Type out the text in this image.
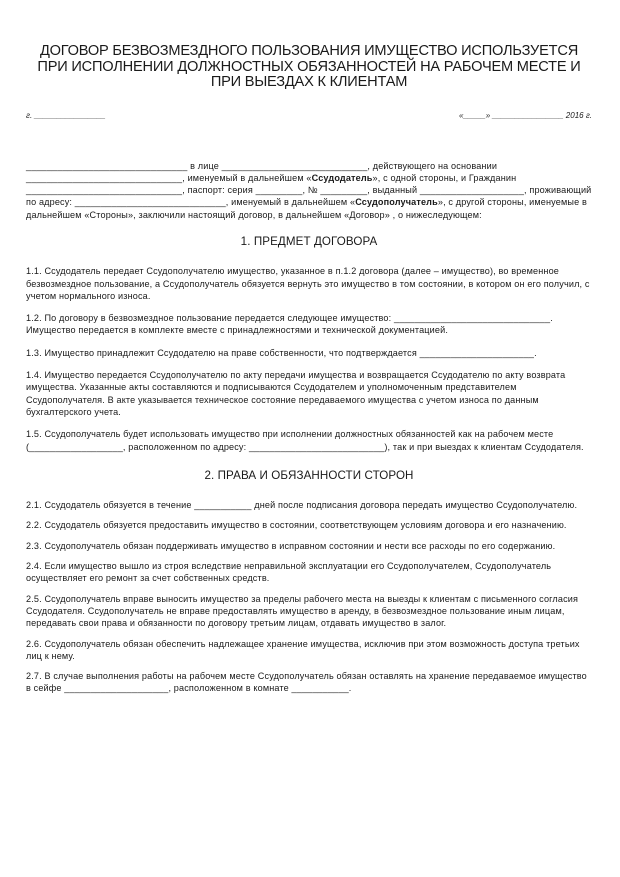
ДОГОВОР БЕЗВОЗМЕЗДНОГО ПОЛЬЗОВАНИЯ ИМУЩЕСТВО ИСПОЛЬЗУЕТСЯ ПРИ ИСПОЛНЕНИИ ДОЛЖНОСТНЫХ ОБЯЗАННОСТЕЙ НА РАБОЧЕМ МЕСТЕ И ПРИ ВЫЕЗДАХ К КЛИЕНТАМ
г. ________________	«_____» ________________ 2016 г.

_______________________________ в лице ____________________________, действующего на основании ______________________________, именуемый в дальнейшем «Ссудодатель», с одной стороны, и Гражданин ______________________________, паспорт: серия _________, № _________, выданный ____________________, проживающий по адресу: _____________________________, именуемый в дальнейшем «Ссудополучатель», с другой стороны, именуемые в дальнейшем «Стороны», заключили настоящий договор, в дальнейшем «Договор» , о нижеследующем:

1. ПРЕДМЕТ ДОГОВОРА

1.1. Ссудодатель передает Ссудополучателю имущество, указанное в п.1.2 договора (далее – имущество), во временное безвозмездное пользование, а Ссудополучатель обязуется вернуть это имущество в том состоянии, в котором он его получил, с учетом нормального износа.

1.2. По договору в безвозмездное пользование передается следующее имущество: ______________________________. Имущество передается в комплекте вместе с принадлежностями и технической документацией.

1.3. Имущество принадлежит Ссудодателю на праве собственности, что подтверждается ______________________.

1.4. Имущество передается Ссудополучателю по акту передачи имущества и возвращается Ссудодателю по акту возврата имущества. Указанные акты составляются и подписываются Ссудодателем и уполномоченным представителем Ссудополучателя. В акте указывается техническое состояние передаваемого имущества с учетом износа по данным бухгалтерского учета.

1.5. Ссудополучатель будет использовать имущество при исполнении должностных обязанностей как на рабочем месте (__________________, расположенном по адресу: __________________________), так и при выездах к клиентам Ссудодателя.

2. ПРАВА И ОБЯЗАННОСТИ СТОРОН

2.1. Ссудодатель обязуется в течение ___________ дней после подписания договора передать имущество Ссудополучателю.

2.2. Ссудодатель обязуется предоставить имущество в состоянии, соответствующем условиям договора и его назначению.

2.3. Ссудополучатель обязан поддерживать имущество в исправном состоянии и нести все расходы по его содержанию.

2.4. Если имущество вышло из строя вследствие неправильной эксплуатации его Ссудополучателем, Ссудополучатель осуществляет его ремонт за счет собственных средств.

2.5. Ссудополучатель вправе выносить имущество за пределы рабочего места на выезды к клиентам с письменного согласия Ссудодателя. Ссудополучатель не вправе предоставлять имущество в аренду, в безвозмездное пользование иным лицам, передавать свои права и обязанности по договору третьим лицам, отдавать имущество в залог.

2.6. Ссудополучатель обязан обеспечить надлежащее хранение имущества, исключив при этом возможность доступа третьих лиц к нему.

2.7. В случае выполнения работы на рабочем месте Ссудополучатель обязан оставлять на хранение передаваемое имущество в сейфе ____________________, расположенном в комнате ___________.
